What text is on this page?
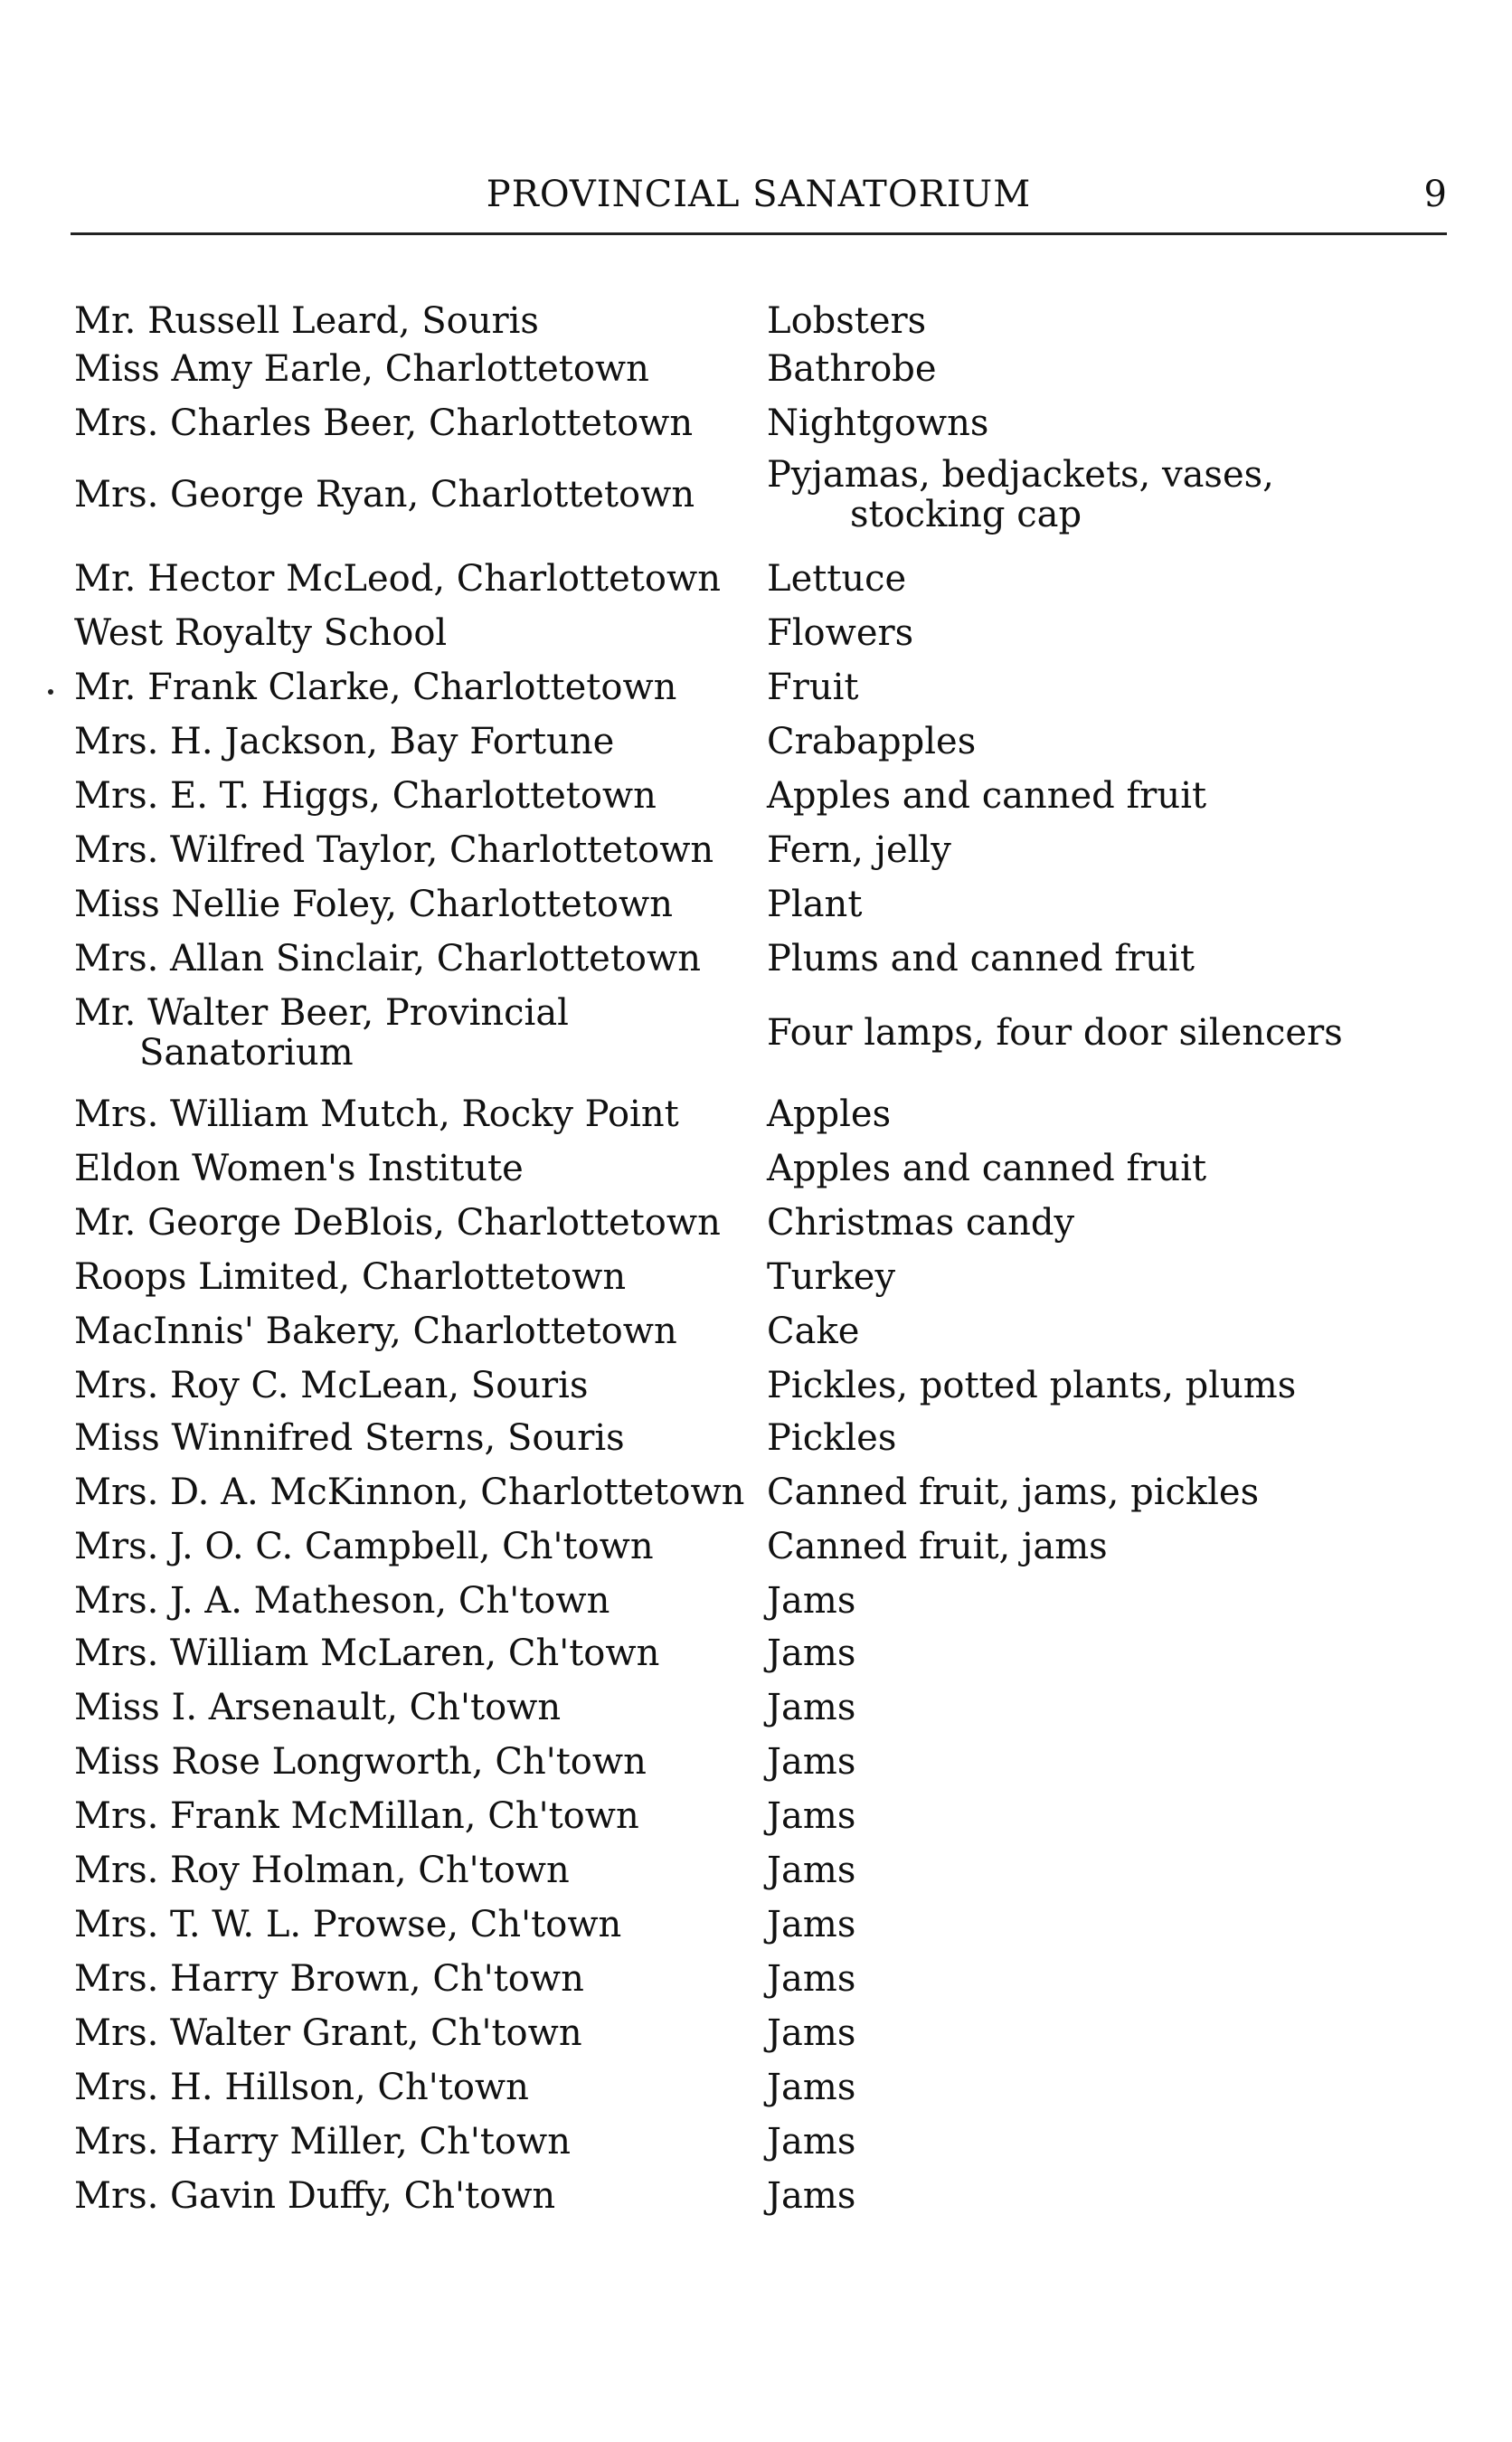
PROVINCIAL SANATORIUM	9
Mr. Russell Leard, Souris	Lobsters
Miss Amy Earle, Charlottetown	Bathrobe
Mrs. Charles Beer, Charlottetown	Nightgowns
Mrs. George Ryan, Charlottetown	Pyjamas, bedjackets, vases,
stocking cap
Mr. Hector McLeod, Charlottetown	Lettuce
West Royalty School	Flowers
Mr. Frank Clarke, Charlottetown	Fruit
Mrs. H. Jackson, Bay Fortune	Crabapples
Mrs. E. T. Higgs, Charlottetown	Apples and canned fruit
Mrs. Wilfred Taylor, Charlottetown	Fern, jelly
Miss Nellie Foley, Charlottetown	Plant
Mrs. Allan Sinclair, Charlottetown	Plums and canned fruit
Mr. Walter Beer, Provincial
Sanatorium	Four lamps, four door silencers
Mrs. William Mutch, Rocky Point	Apples
Eldon Women's Institute	Apples and canned fruit
Mr. George DeBlois, Charlottetown	Christmas candy
Roops Limited, Charlottetown	Turkey
MacInnis' Bakery, Charlottetown	Cake
Mrs. Roy C. McLean, Souris	Pickles, potted plants, plums
Miss Winnifred Sterns, Souris	Pickles
Mrs. D. A. McKinnon, Charlottetown Canned fruit, jams, pickles
Mrs. J. O. C. Campbell, Ch'town	Canned fruit, jams
Mrs. J. A. Matheson, Ch'town	Jams
Mrs. William McLaren, Ch'town	Jams
Miss I. Arsenault, Ch'town	Jams
Miss Rose Longworth, Ch'town	Jams
Mrs. Frank McMillan, Ch'town	Jams
Mrs. Roy Holman, Ch'town	Jams
Mrs. T. W. L. Prowse, Ch'town	Jams
Mrs. Harry Brown, Ch'town	Jams
Mrs. Walter Grant, Ch'town	Jams
Mrs. H. Hillson, Ch'town	Jams
Mrs. Harry Miller, Ch'town	Jams
Mrs. Gavin Duffy, Ch'town	Jams
